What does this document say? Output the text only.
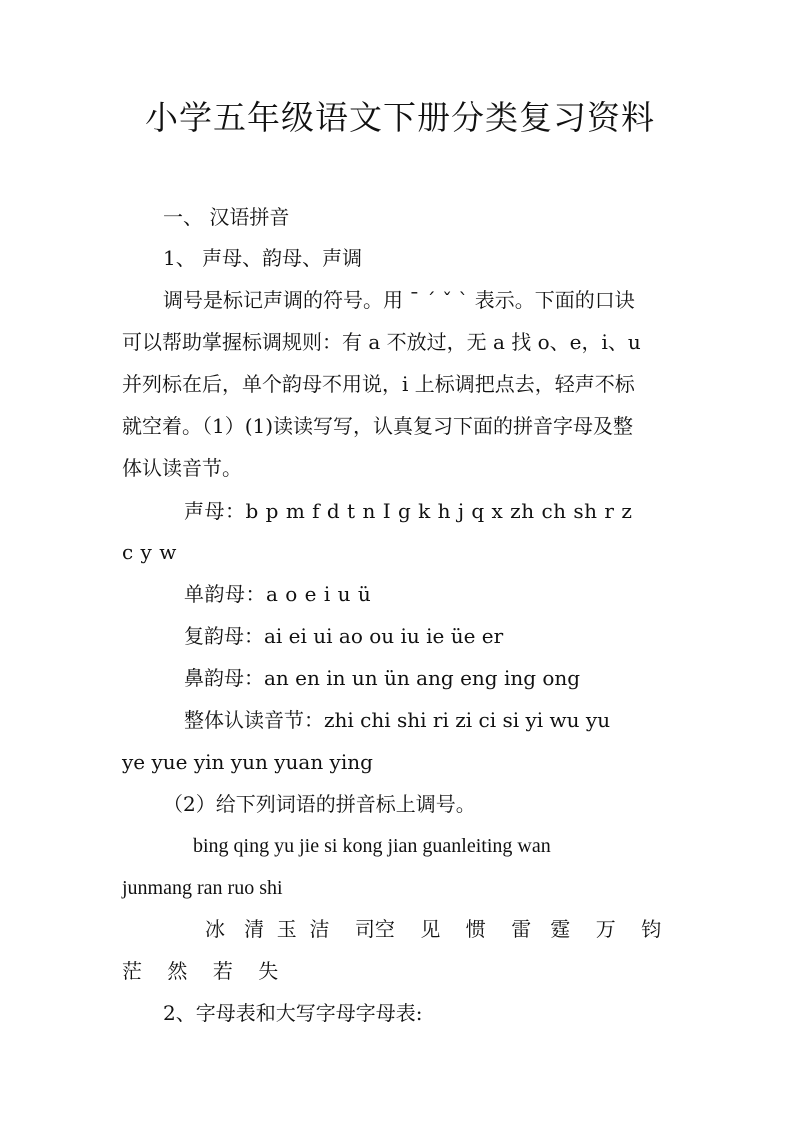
小学五年级语文下册分类复习资料
一、 汉语拼音
1、 声母、韵母、声调
调号是标记声调的符号。用 ˉ ˊ ˇ ˋ 表示。下面的口诀
可以帮助掌握标调规则：有 a 不放过，无 a 找 o、e，i、u
并列标在后，单个韵母不用说，i 上标调把点去，轻声不标
就空着。（1）(1)读读写写，认真复习下面的拼音字母及整
体认读音节。
声母：b p m f d t n I g k h j q x zh ch sh r z
c y w
单韵母：a o e i u ü
复韵母：ai ei ui ao ou iu ie üe er
鼻韵母：an en in un ün ang eng ing ong
整体认读音节：zhi chi shi ri zi ci si yi wu yu
ye yue yin yun yuan ying
（2）给下列词语的拼音标上调号。
bing qing yu jie si kong jian guanleiting wan
junmang ran ruo shi
冰   清  玉  洁    司空    见    惯    雷   霆    万    钧
茫    然    若    失
2、字母表和大写字母字母表:
